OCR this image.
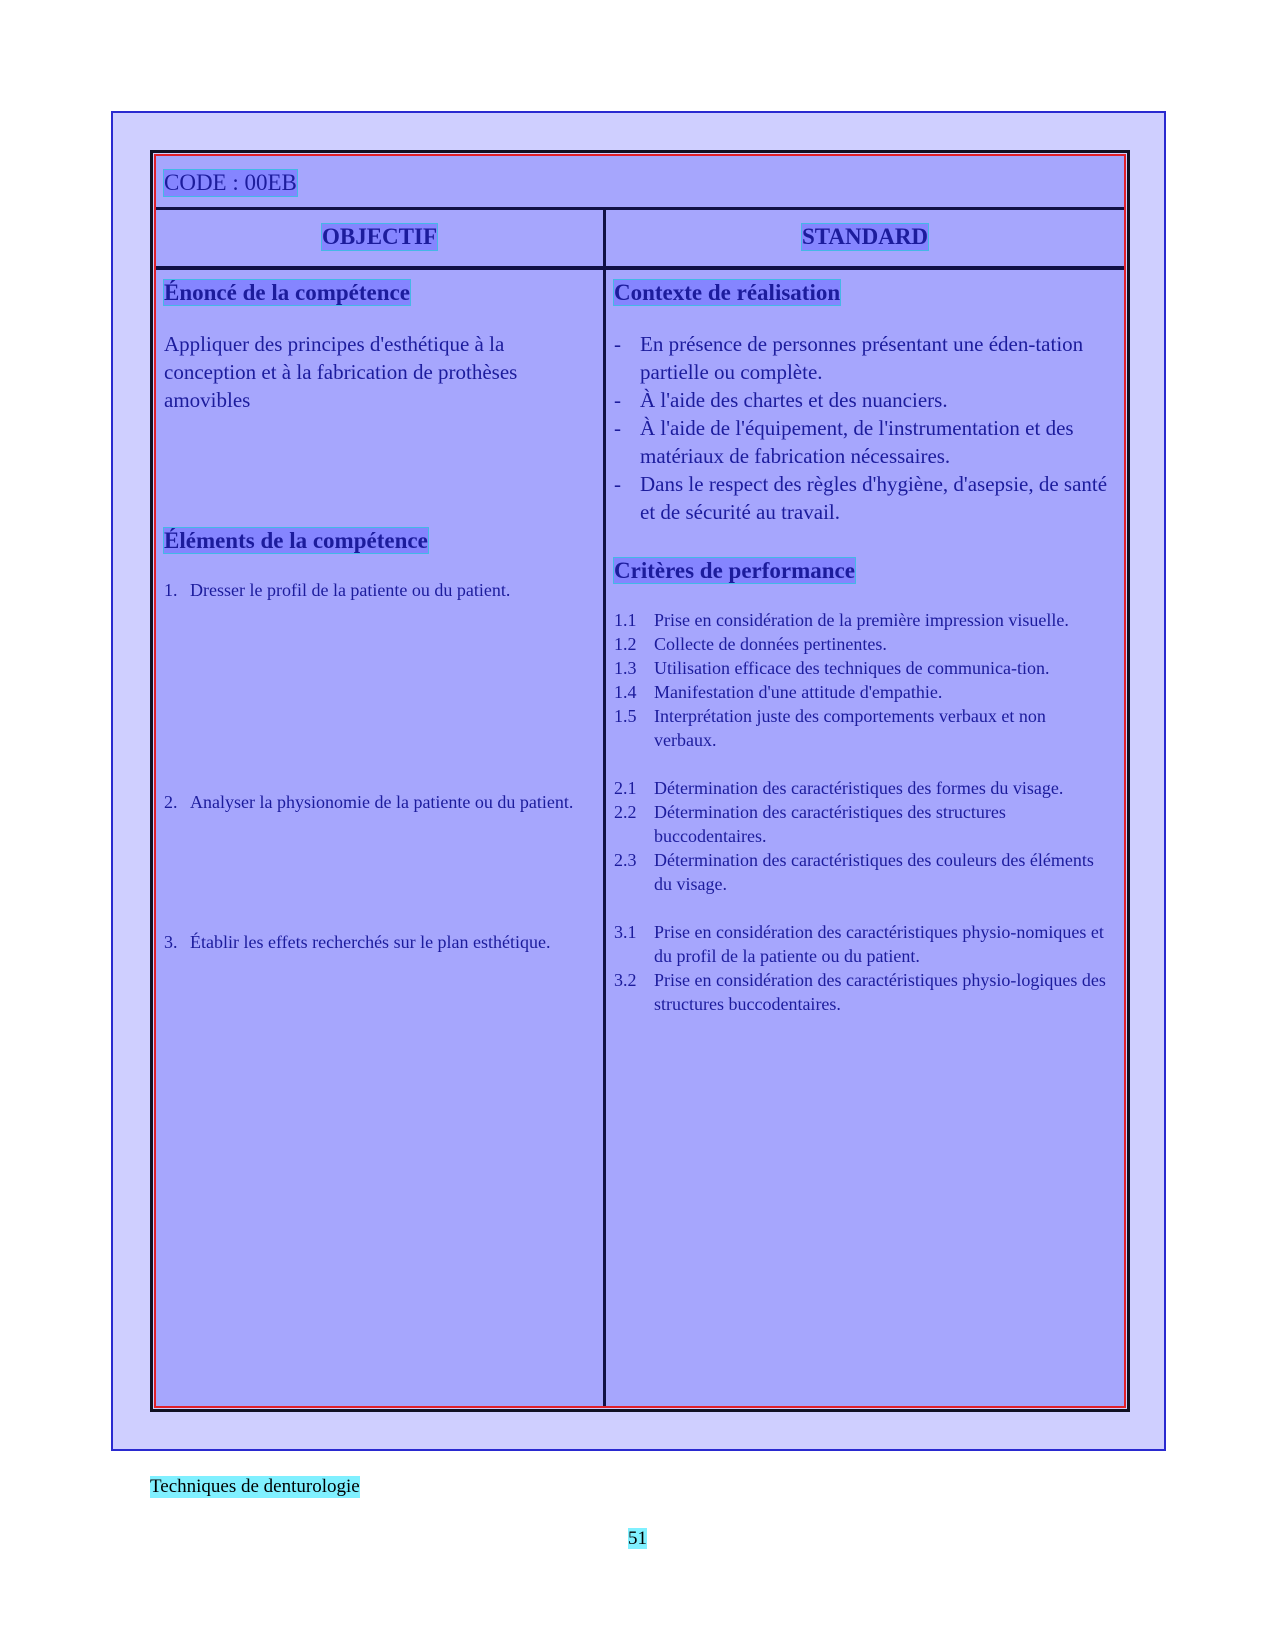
CODE : 00EB
OBJECTIF	STANDARD
Énoncé de la compétence
Appliquer des principes d'esthétique à la conception et à la fabrication de prothèses amovibles
Éléments de la compétence
1. Dresser le profil de la patiente ou du patient.
2. Analyser la physionomie de la patiente ou du patient.
3. Établir les effets recherchés sur le plan esthétique.
Contexte de réalisation
- En présence de personnes présentant une éden-tation partielle ou complète.
- À l'aide des chartes et des nuanciers.
- À l'aide de l'équipement, de l'instrumentation et des matériaux de fabrication nécessaires.
- Dans le respect des règles d'hygiène, d'asepsie, de santé et de sécurité au travail.
Critères de performance
1.1 Prise en considération de la première impression visuelle.
1.2 Collecte de données pertinentes.
1.3 Utilisation efficace des techniques de communica-tion.
1.4 Manifestation d'une attitude d'empathie.
1.5 Interprétation juste des comportements verbaux et non verbaux.
2.1 Détermination des caractéristiques des formes du visage.
2.2 Détermination des caractéristiques des structures buccodentaires.
2.3 Détermination des caractéristiques des couleurs des éléments du visage.
3.1 Prise en considération des caractéristiques physio-nomiques et du profil de la patiente ou du patient.
3.2 Prise en considération des caractéristiques physio-logiques des structures buccodentaires.
Techniques de denturologie
51
